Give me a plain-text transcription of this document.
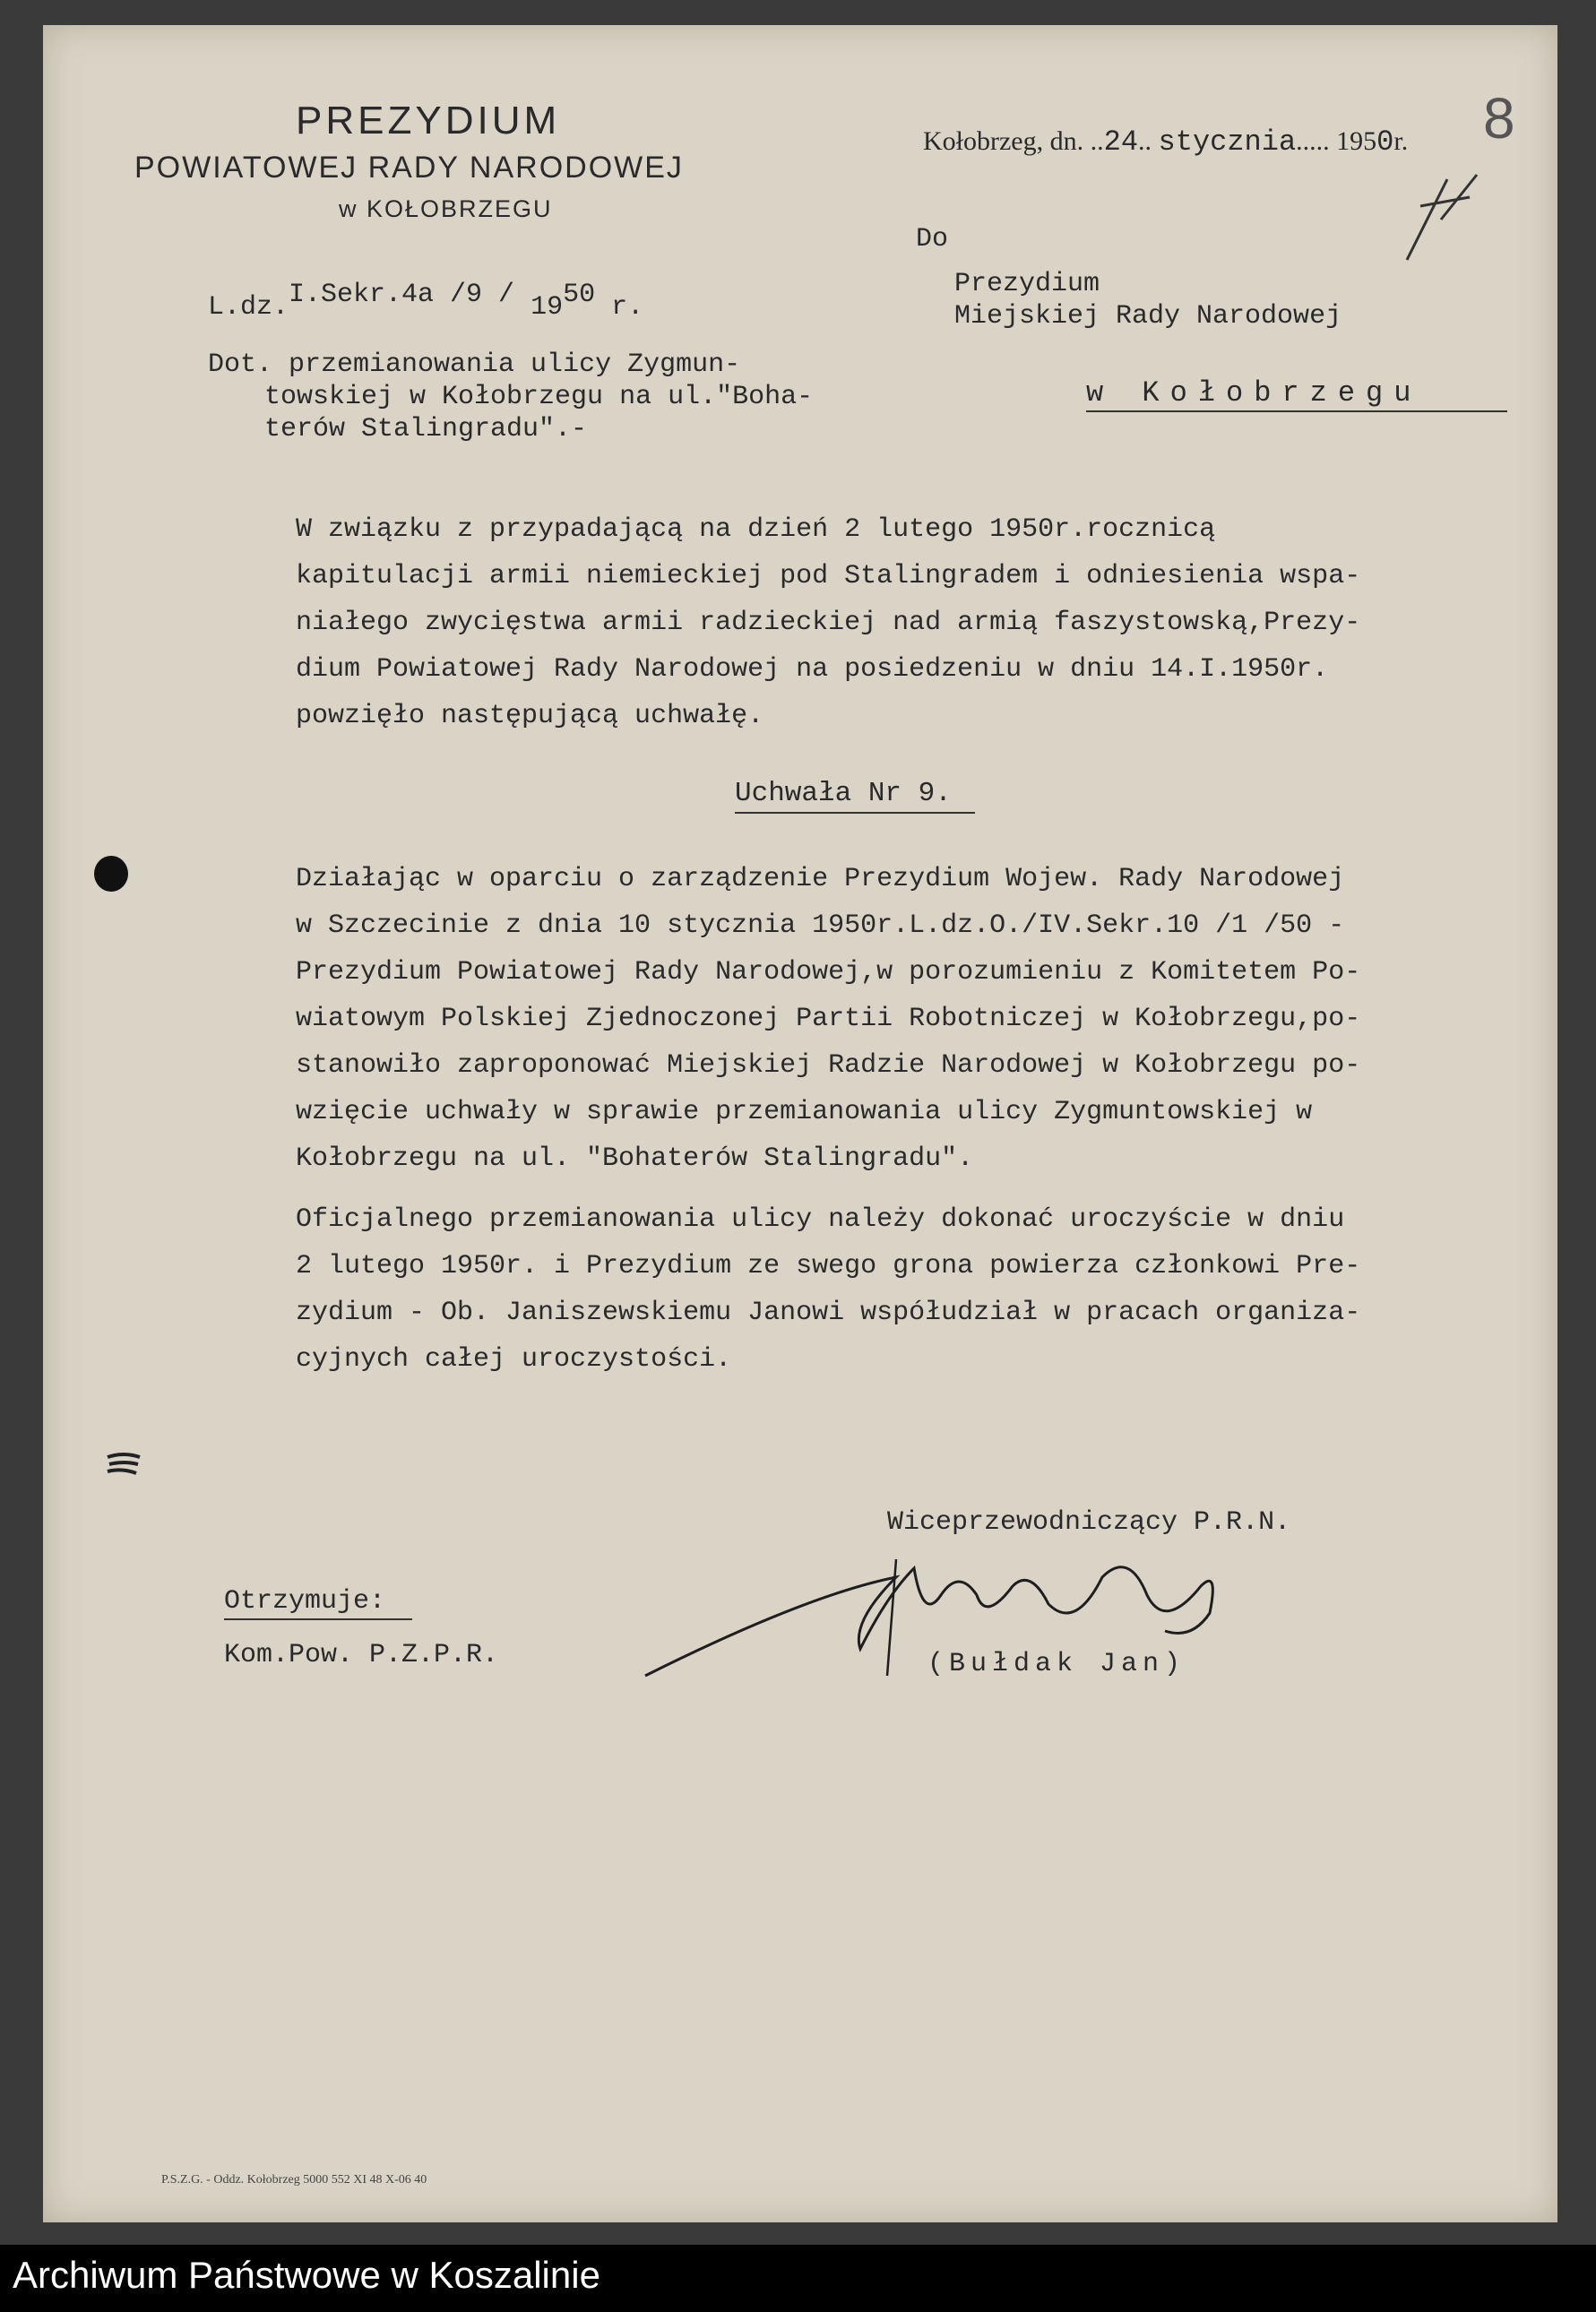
PREZYDIUM
POWIATOWEJ RADY NARODOWEJ
w KOŁOBRZEGU
Kołobrzeg, dn. ..24.. stycznia..... 1950r. 8
L.dz.I.Sekr.4a /9 / 1950 r.
Do
Prezydium
Miejskiej Rady Narodowej
w Kołobrzegu
Dot. przemianowania ulicy Zygmun-
towskiej w Kołobrzegu na ul."Boha-
terów Stalingradu".-
W związku z przypadającą na dzień 2 lutego 1950r.rocznicą
kapitulacji armii niemieckiej pod Stalingradem i odniesienia wspa-
niałego zwycięstwa armii radzieckiej nad armią faszystowską,Prezy-
dium Powiatowej Rady Narodowej na posiedzeniu w dniu 14.I.1950r.
powzięło następującą uchwałę.
Uchwała Nr 9.
Działając w oparciu o zarządzenie Prezydium Wojew. Rady Narodowej
w Szczecinie z dnia 10 stycznia 1950r.L.dz.O./IV.Sekr.10 /1 /50 -
Prezydium Powiatowej Rady Narodowej,w porozumieniu z Komitetem Po-
wiatowym Polskiej Zjednoczonej Partii Robotniczej w Kołobrzegu,po-
stanowiło zaproponować Miejskiej Radzie Narodowej w Kołobrzegu po-
wzięcie uchwały w sprawie przemianowania ulicy Zygmuntowskiej w
Kołobrzegu na ul. "Bohaterów Stalingradu".
Oficjalnego przemianowania ulicy należy dokonać uroczyście w dniu
2 lutego 1950r. i Prezydium ze swego grona powierza członkowi Pre-
zydium - Ob. Janiszewskiemu Janowi współudział w pracach organiza-
cyjnych całej uroczystości.
Wiceprzewodniczący P.R.N.
(Bułdak Jan)
Otrzymuje:
Kom.Pow. P.Z.P.R.
P.S.Z.G. - Oddz. Kołobrzeg 5000 552 XI 48 X-06 40
Archiwum Państwowe w Koszalinie
